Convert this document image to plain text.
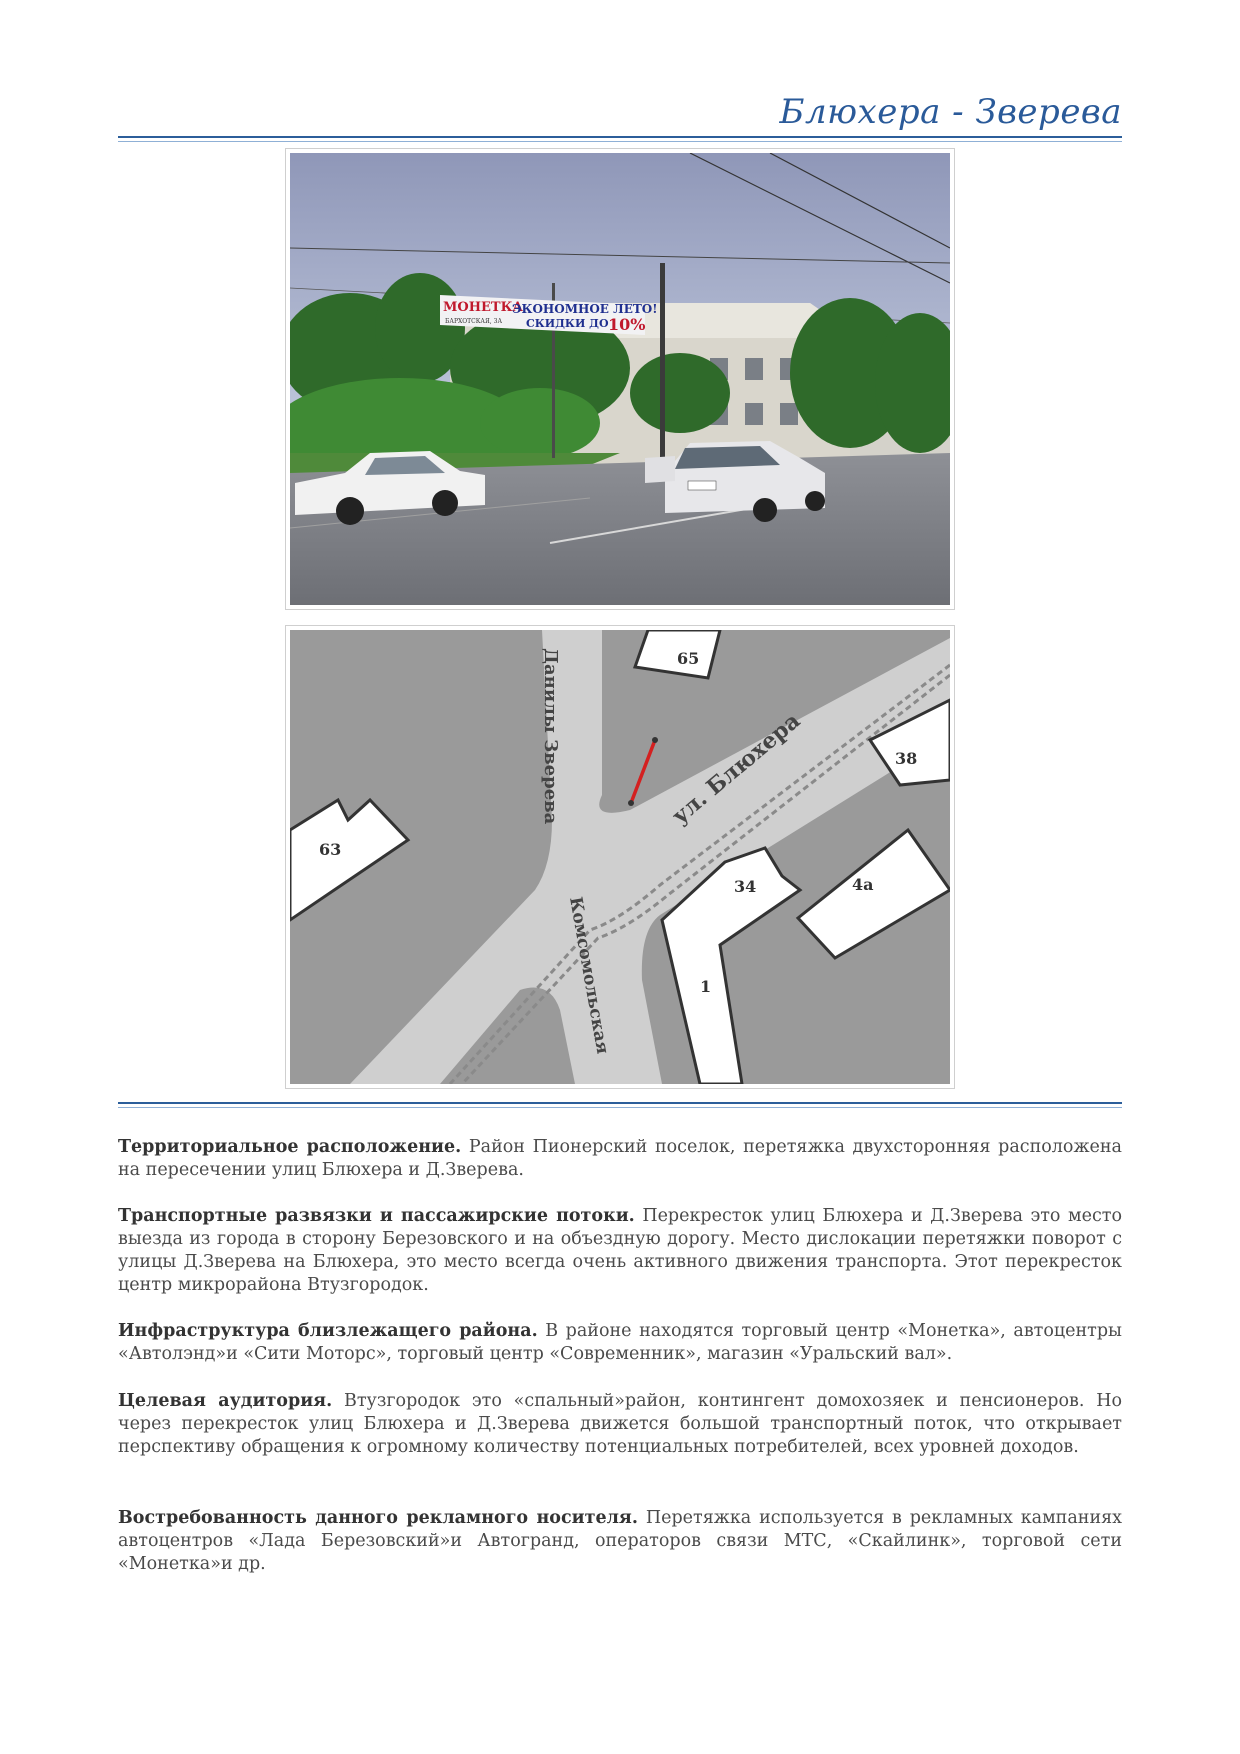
Блюхера - Зверева
МОНЕТКА
ЭКОНОМНОЕ ЛЕТО!
СКИДКИ ДО 10%
БАРХОТСКАЯ, 3А
65
38
63
34	4а
1
Данилы Зверева	ул. Блюхера
Комсомольская
Территориальное расположение. Район Пионерский поселок, перетяжка двухсторонняя расположена на пересечении улиц Блюхера и Д.Зверева.
Транспортные развязки и пассажирские потоки. Перекресток улиц Блюхера и Д.Зверева это место выезда из города в сторону Березовского и на объездную дорогу. Место дислокации перетяжки поворот с улицы Д.Зверева на Блюхера, это место всегда очень активного движения транспорта. Этот перекресток центр микрорайона Втузгородок.
Инфраструктура близлежащего района. В районе находятся торговый центр «Монетка», автоцентры «Автолэнд»и «Сити Моторс», торговый центр «Современник», магазин «Уральский вал».
Целевая аудитория. Втузгородок это «спальный»район, контингент домохозяек и пенсионеров. Но через перекресток улиц Блюхера и Д.Зверева движется большой транспортный поток, что открывает перспективу обращения к огромному количеству потенциальных потребителей, всех уровней доходов.
Востребованность данного рекламного носителя. Перетяжка используется в рекламных кампаниях автоцентров «Лада Березовский»и Автогранд, операторов связи МТС, «Скайлинк», торговой сети «Монетка»и др.
